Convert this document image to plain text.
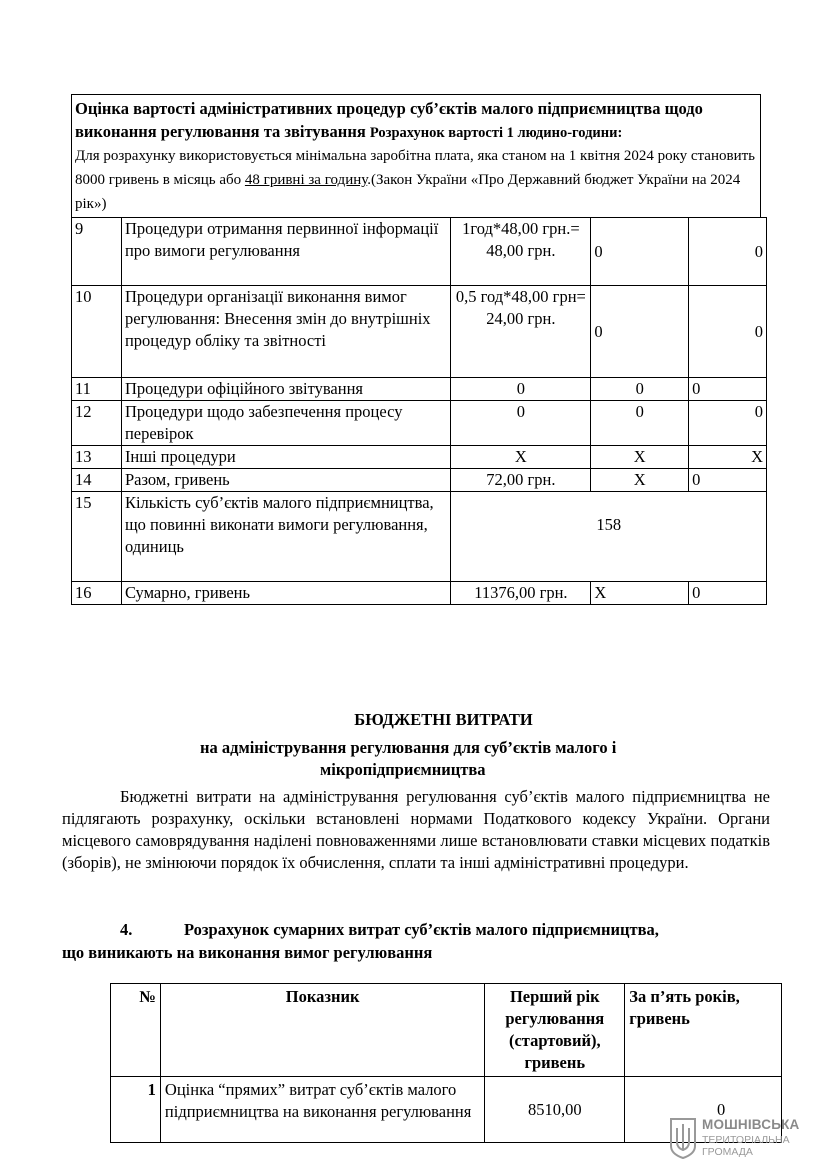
Оцінка вартості адміністративних процедур суб’єктів малого підприємництва щодо виконання регулювання та звітування Розрахунок вартості 1 людино-години:
Для розрахунку використовується мінімальна заробітна плата, яка станом на 1 квітня 2024 року становить 8000 гривень в місяць або 48 гривні за годину.(Закон України «Про Державний бюджет України на 2024 рік»)
9	Процедури отримання первинної інформації про вимоги регулювання	1год*48,00 грн.= 48,00 грн.	0	0
10	Процедури організації виконання вимог регулювання: Внесення змін до внутрішніх процедур обліку та звітності	0,5 год*48,00 грн= 24,00 грн.	0	0
11	Процедури офіційного звітування	0	0	0
12	Процедури щодо забезпечення процесу перевірок	0	0	0
13	Інші процедури	Х	Х	Х
14	Разом, гривень	72,00 грн.	Х	0
15	Кількість суб’єктів малого підприємництва, що повинні виконати вимоги регулювання, одиниць	158		
16	Сумарно, гривень	11376,00 грн.	Х	0
БЮДЖЕТНІ ВИТРАТИ
на адміністрування регулювання для суб’єктів малого і
мікропідприємництва
Бюджетні витрати на адміністрування регулювання суб’єктів малого підприємництва не підлягають розрахунку, оскільки встановлені нормами Податкового кодексу України. Органи місцевого самоврядування наділені повноваженнями лише встановлювати ставки місцевих податків (зборів), не змінюючи порядок їх обчислення, сплати та інші адміністративні процедури.
4.	Розрахунок сумарних витрат суб’єктів малого підприємництва,
що виникають на виконання вимог регулювання
№	Показник	Перший рік регулювання (стартовий), гривень	За п’ять років, гривень
1	Оцінка “прямих” витрат суб’єктів малого підприємництва на виконання регулювання	8510,00	0
МОШНІВСЬКА
ТЕРИТОРІАЛЬНА
ГРОМАДА
